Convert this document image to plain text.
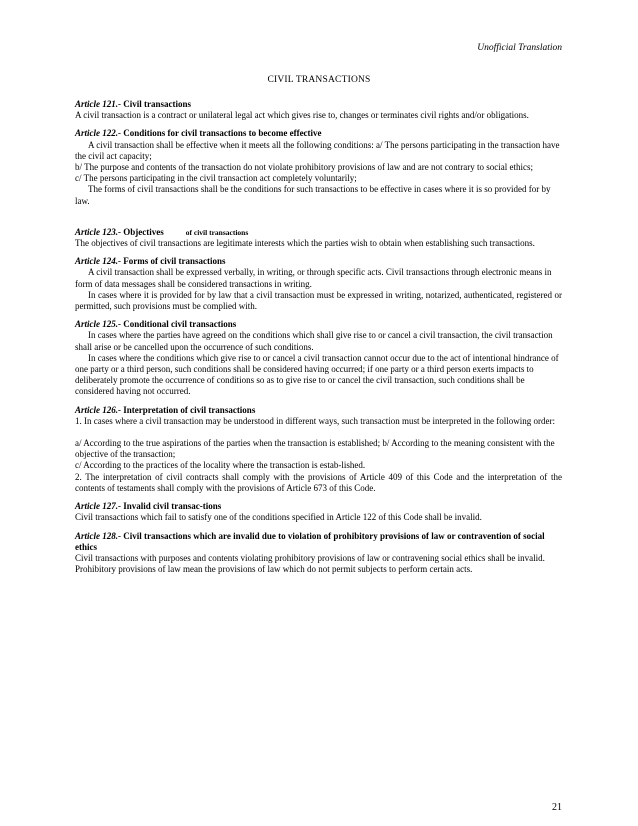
Unofficial Translation
CIVIL TRANSACTIONS
Article 121.- Civil transactions

A civil transaction is a contract or unilateral legal act which gives rise to, changes or terminates civil rights and/or obligations.

Article 122.- Conditions for civil transactions to become effective

A civil transaction shall be effective when it meets all the following conditions: a/ The persons participating in the transaction have the civil act capacity;

b/ The purpose and contents of the transaction do not violate prohibitory provisions of law and are not contrary to social ethics;

c/ The persons participating in the civil transaction act completely voluntarily;

The forms of civil transactions shall be the conditions for such transactions to be effective in cases where it is so provided for by law.

Article 123.- Objectives	of civil transactions

The objectives of civil transactions are legitimate interests which the parties wish to obtain when establishing such transactions.

Article 124.- Forms of civil transactions

A civil transaction shall be expressed verbally, in writing, or through specific acts. Civil transactions through electronic means in form of data messages shall be considered transactions in writing.

In cases where it is provided for by law that a civil transaction must be expressed in writing, notarized, authenticated, registered or permitted, such provisions must be complied with.

Article 125.- Conditional civil transactions

In cases where the parties have agreed on the conditions which shall give rise to or cancel a civil transaction, the civil transaction shall arise or be cancelled upon the occurrence of such conditions.

In cases where the conditions which give rise to or cancel a civil transaction cannot occur due to the act of intentional hindrance of one party or a third person, such conditions shall be considered having occurred; if one party or a third person exerts impacts to deliberately promote the occurrence of conditions so as to give rise to or cancel the civil transaction, such conditions shall be considered having not occurred.

Article 126.- Interpretation of civil transactions

1. In cases where a civil transaction may be understood in different ways, such transaction must be interpreted in the following order:

a/ According to the true aspirations of the parties when the transaction is established; b/ According to the meaning consistent with the objective of the transaction;

c/ According to the practices of the locality where the transaction is estab-lished.

2. The interpretation of civil contracts shall comply with the provisions of Article 409 of this Code and the interpretation of the contents of testaments shall comply with the provisions of Article 673 of this Code.

Article 127.- Invalid civil transac-tions

Civil transactions which fail to satisfy one of the conditions specified in Article 122 of this Code shall be invalid.

Article 128.- Civil transactions which are invalid due to violation of prohibitory provisions of law or contravention of social ethics

Civil transactions with purposes and contents violating prohibitory provisions of law or contravening social ethics shall be invalid.

Prohibitory provisions of law mean the provisions of law which do not permit subjects to perform certain acts.

21
